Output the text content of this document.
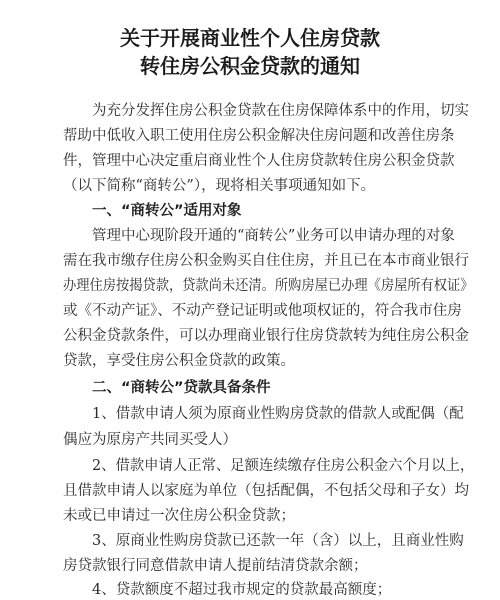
关于开展商业性个人住房贷款
转住房公积金贷款的通知
为充分发挥住房公积金贷款在住房保障体系中的作用，切实
帮助中低收入职工使用住房公积金解决住房问题和改善住房条
件，管理中心决定重启商业性个人住房贷款转住房公积金贷款
（以下简称“商转公”），现将相关事项通知如下。
一、“商转公”适用对象
管理中心现阶段开通的“商转公”业务可以申请办理的对象
需在我市缴存住房公积金购买自住住房，并且已在本市商业银行
办理住房按揭贷款，贷款尚未还清。所购房屋已办理《房屋所有权证》
或《不动产证》、不动产登记证明或他项权证的，符合我市住房
公积金贷款条件，可以办理商业银行住房贷款转为纯住房公积金
贷款，享受住房公积金贷款的政策。
二、“商转公”贷款具备条件
1、借款申请人须为原商业性购房贷款的借款人或配偶（配
偶应为原房产共同买受人）
2、借款申请人正常、足额连续缴存住房公积金六个月以上，
且借款申请人以家庭为单位（包括配偶，不包括父母和子女）均
未或已申请过一次住房公积金贷款；
3、原商业性购房贷款已还款一年（含）以上，且商业性购
房贷款银行同意借款申请人提前结清贷款余额；
4、贷款额度不超过我市规定的贷款最高额度；
